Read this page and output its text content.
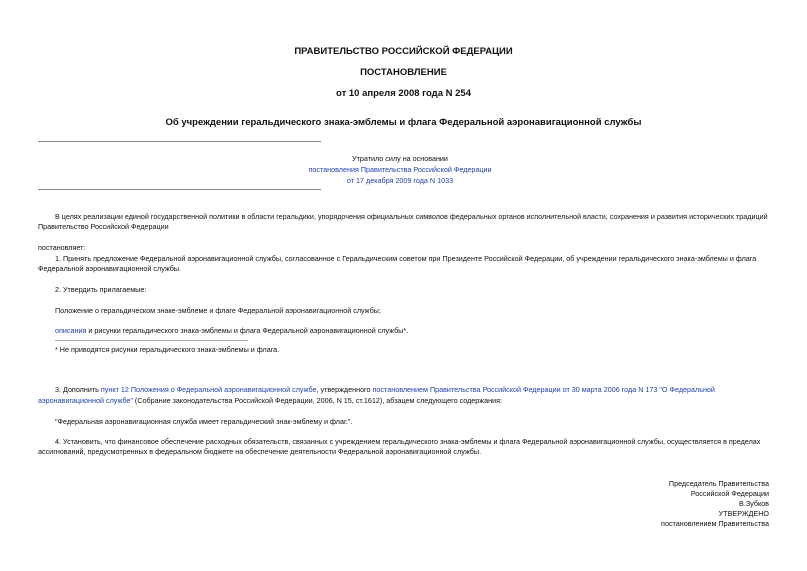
ПРАВИТЕЛЬСТВО РОССИЙСКОЙ ФЕДЕРАЦИИ
ПОСТАНОВЛЕНИЕ
от 10 апреля 2008 года N 254
Об учреждении геральдического знака-эмблемы и флага Федеральной аэронавигационной службы
Утратило силу на основании
постановления Правительства Российской Федерации
от 17 декабря 2009 года N 1033
В целях реализации единой государственной политики в области геральдики, упорядочения официальных символов федеральных органов исполнительной власти, сохранения и развития исторических традиций
Правительство Российской Федерации
постановляет:
1. Принять предложение Федеральной аэронавигационной службы, согласованное с Геральдическим советом при Президенте Российской Федерации, об учреждении геральдического знака-эмблемы и флага
Федеральной аэронавигационной службы.
2. Утвердить прилагаемые:
Положение о геральдическом знаке-эмблеме и флаге Федеральной аэронавигационной службы;
описания и рисунки геральдического знака-эмблемы и флага Федеральной аэронавигационной службы*.
* Не приводятся рисунки геральдического знака-эмблемы и флага.
3. Дополнить пункт 12 Положения о Федеральной аэронавигационной службе, утвержденного постановлением Правительства Российской Федерации от 30 марта 2006 года N 173 "О Федеральной
аэронавигационной службе" (Собрание законодательства Российской Федерации, 2006, N 15, ст.1612), абзацем следующего содержания:
"Федеральная аэронавигационная служба имеет геральдический знак-эмблему и флаг.".
4. Установить, что финансовое обеспечение расходных обязательств, связанных с учреждением геральдического знака-эмблемы и флага Федеральной аэронавигационной службы, осуществляется в пределах
ассигнований, предусмотренных в федеральном бюджете на обеспечение деятельности Федеральной аэронавигационной службы.
Председатель Правительства
Российской Федерации
В.Зубков
УТВЕРЖДЕНО
постановлением Правительства
